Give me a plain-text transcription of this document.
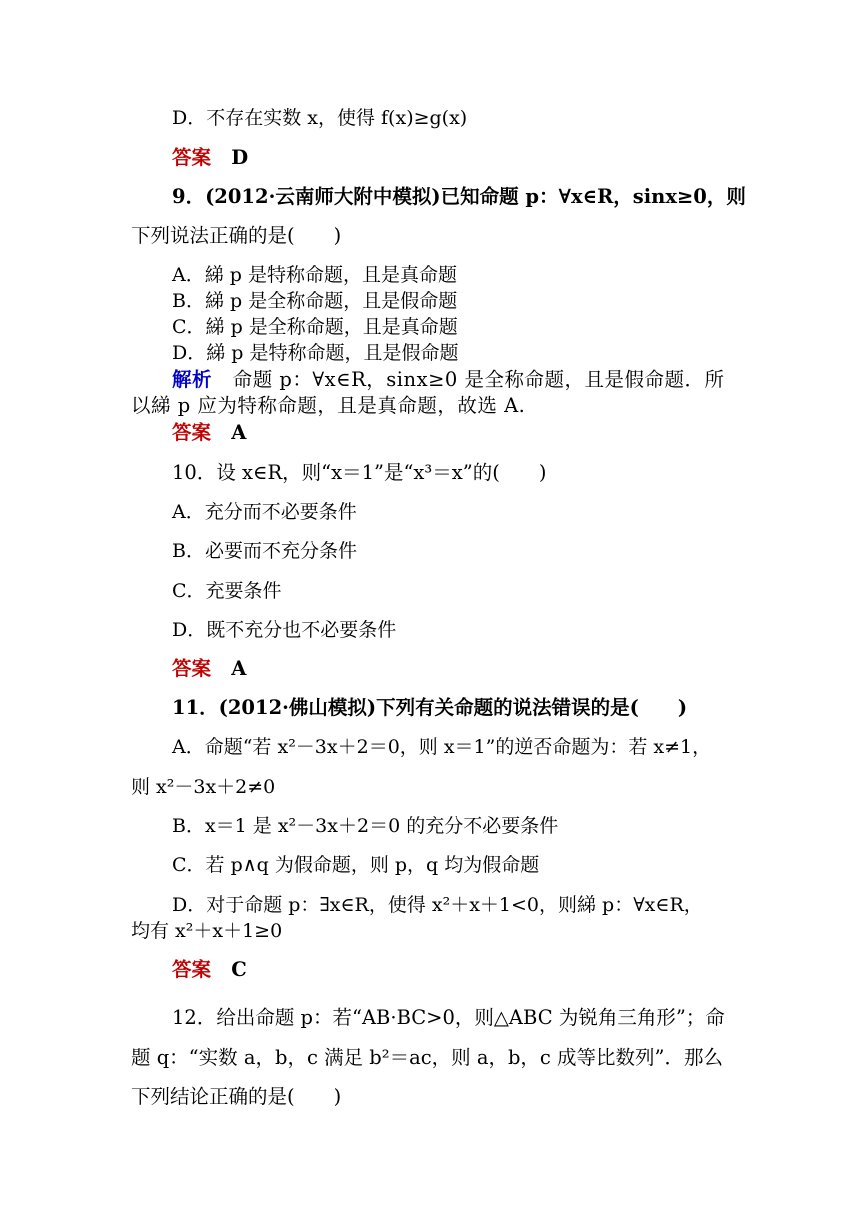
D．不存在实数 x，使得 f(x)≥g(x)
答案 D
9．(2012·云南师大附中模拟)已知命题 p：∀x∈R，sinx≥0，则
下列说法正确的是(　　)
A．綈 p 是特称命题，且是真命题
B．綈 p 是全称命题，且是假命题
C．綈 p 是全称命题，且是真命题
D．綈 p 是特称命题，且是假命题
解析 命题 p：∀x∈R，sinx≥0 是全称命题，且是假命题．所
以綈 p 应为特称命题，且是真命题，故选 A.
答案 A
10．设 x∈R，则“x＝1”是“x³＝x”的(　　)
A．充分而不必要条件
B．必要而不充分条件
C．充要条件
D．既不充分也不必要条件
答案 A
11．(2012·佛山模拟)下列有关命题的说法错误的是(　　)
A．命题“若 x²－3x＋2＝0，则 x＝1”的逆否命题为：若 x≠1，
则 x²－3x＋2≠0
B．x＝1 是 x²－3x＋2＝0 的充分不必要条件
C．若 p∧q 为假命题，则 p，q 均为假命题
D．对于命题 p：∃x∈R，使得 x²＋x＋1<0，则綈 p：∀x∈R，
均有 x²＋x＋1≥0
答案 C
12．给出命题 p：若“AB·BC>0，则△ABC 为锐角三角形”；命
题 q：“实数 a，b，c 满足 b²＝ac，则 a，b，c 成等比数列”．那么
下列结论正确的是(　　)
